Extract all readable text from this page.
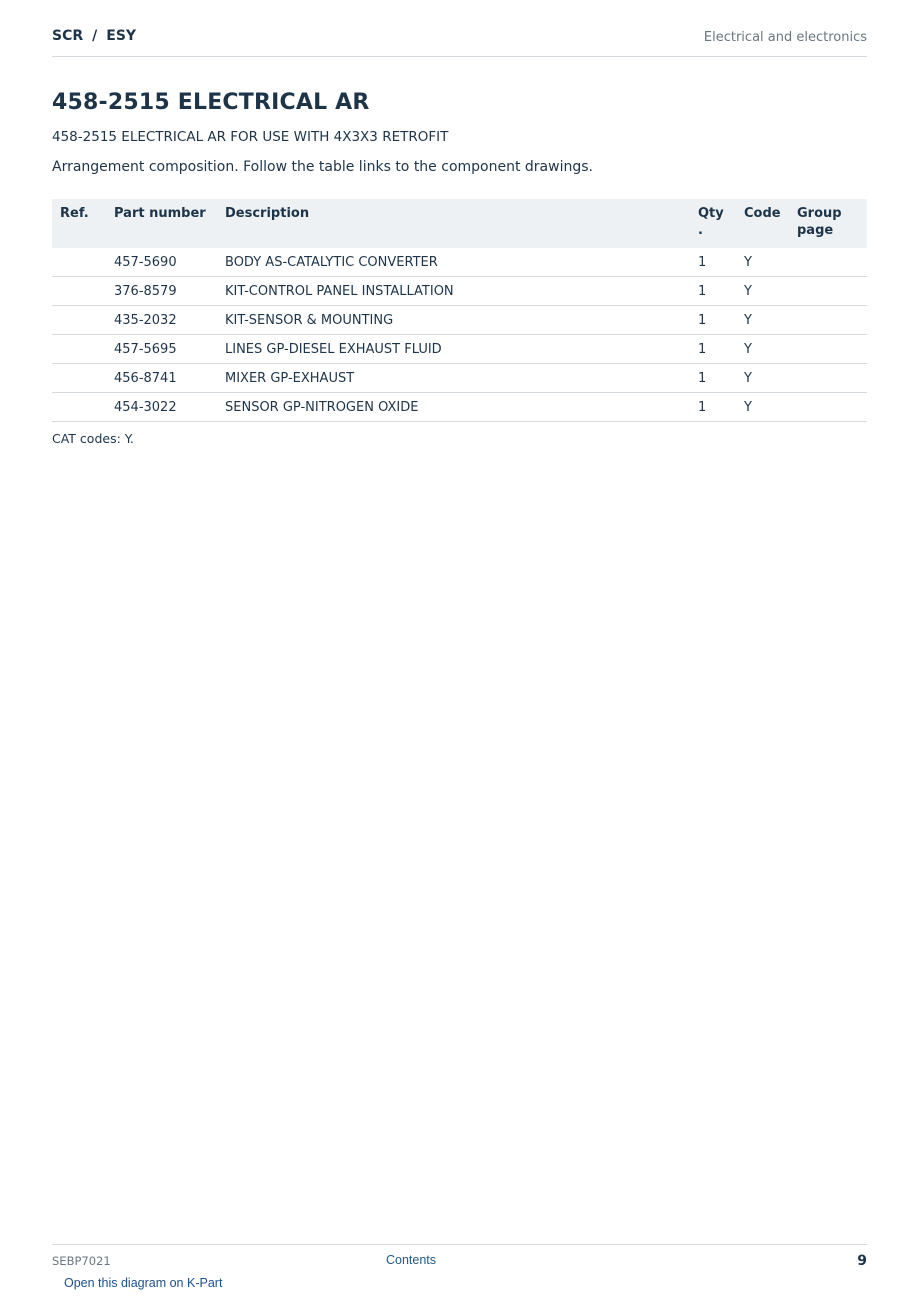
SCR / ESY	Electrical and electronics
458-2515 ELECTRICAL AR
458-2515 ELECTRICAL AR FOR USE WITH 4X3X3 RETROFIT
Arrangement composition. Follow the table links to the component drawings.
Ref.	Part number	Description	Qty .	Code	Group page
	457-5690	BODY AS-CATALYTIC CONVERTER	1	Y	
	376-8579	KIT-CONTROL PANEL INSTALLATION	1	Y	
	435-2032	KIT-SENSOR & MOUNTING	1	Y	
	457-5695	LINES GP-DIESEL EXHAUST FLUID	1	Y	
	456-8741	MIXER GP-EXHAUST	1	Y	
	454-3022	SENSOR GP-NITROGEN OXIDE	1	Y	
CAT codes: Y.
SEBP7021	Contents	9
Open this diagram on K-Part
